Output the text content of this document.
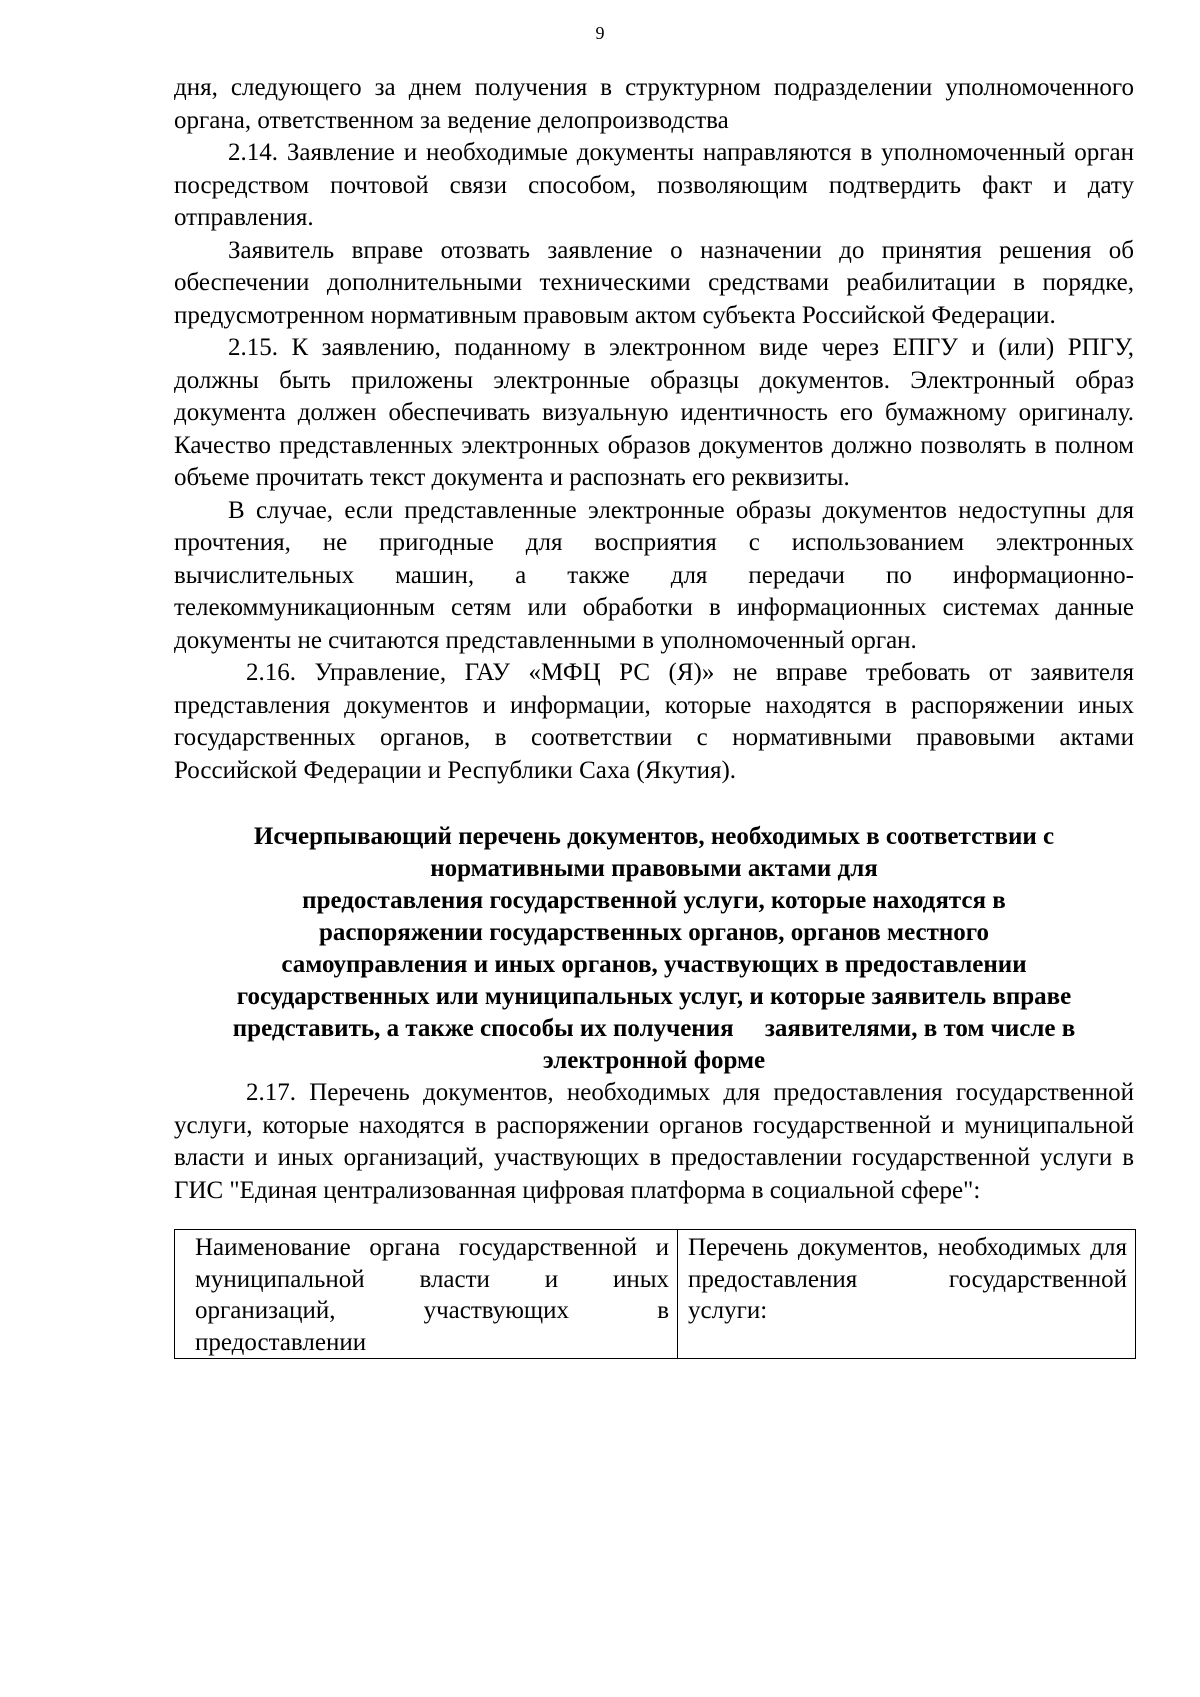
9

дня, следующего за днем получения в структурном подразделении уполномоченного органа, ответственном за ведение делопроизводства

2.14. Заявление и необходимые документы направляются в уполномоченный орган посредством почтовой связи способом, позволяющим подтвердить факт и дату отправления.

Заявитель вправе отозвать заявление о назначении до принятия решения об обеспечении дополнительными техническими средствами реабилитации в порядке, предусмотренном нормативным правовым актом субъекта Российской Федерации.

2.15. К заявлению, поданному в электронном виде через ЕПГУ и (или) РПГУ, должны быть приложены электронные образцы документов. Электронный образ документа должен обеспечивать визуальную идентичность его бумажному оригиналу. Качество представленных электронных образов документов должно позволять в полном объеме прочитать текст документа и распознать его реквизиты.

В случае, если представленные электронные образы документов недоступны для прочтения, не пригодные для восприятия с использованием электронных вычислительных машин, а также для передачи по информационно-телекоммуникационным сетям или обработки в информационных системах данные документы не считаются представленными в уполномоченный орган.

2.16. Управление, ГАУ «МФЦ РС (Я)» не вправе требовать от заявителя представления документов и информации, которые находятся в распоряжении иных государственных органов, в соответствии с нормативными правовыми актами Российской Федерации и Республики Саха (Якутия).

Исчерпывающий перечень документов, необходимых в соответствии с
нормативными правовыми актами для
предоставления государственной услуги, которые находятся в
распоряжении государственных органов, органов местного
самоуправления и иных органов, участвующих в предоставлении
государственных или муниципальных услуг, и которые заявитель вправе
представить, а также способы их получения     заявителями, в том числе в
электронной форме

2.17. Перечень документов, необходимых для предоставления государственной услуги, которые находятся в распоряжении органов государственной и муниципальной власти и иных организаций, участвующих в предоставлении государственной услуги в ГИС "Единая централизованная цифровая платформа в социальной сфере":

Наименование органа государственной и муниципальной власти и иных организаций, участвующих в предоставлении	Перечень документов, необходимых для предоставления государственной услуги:
